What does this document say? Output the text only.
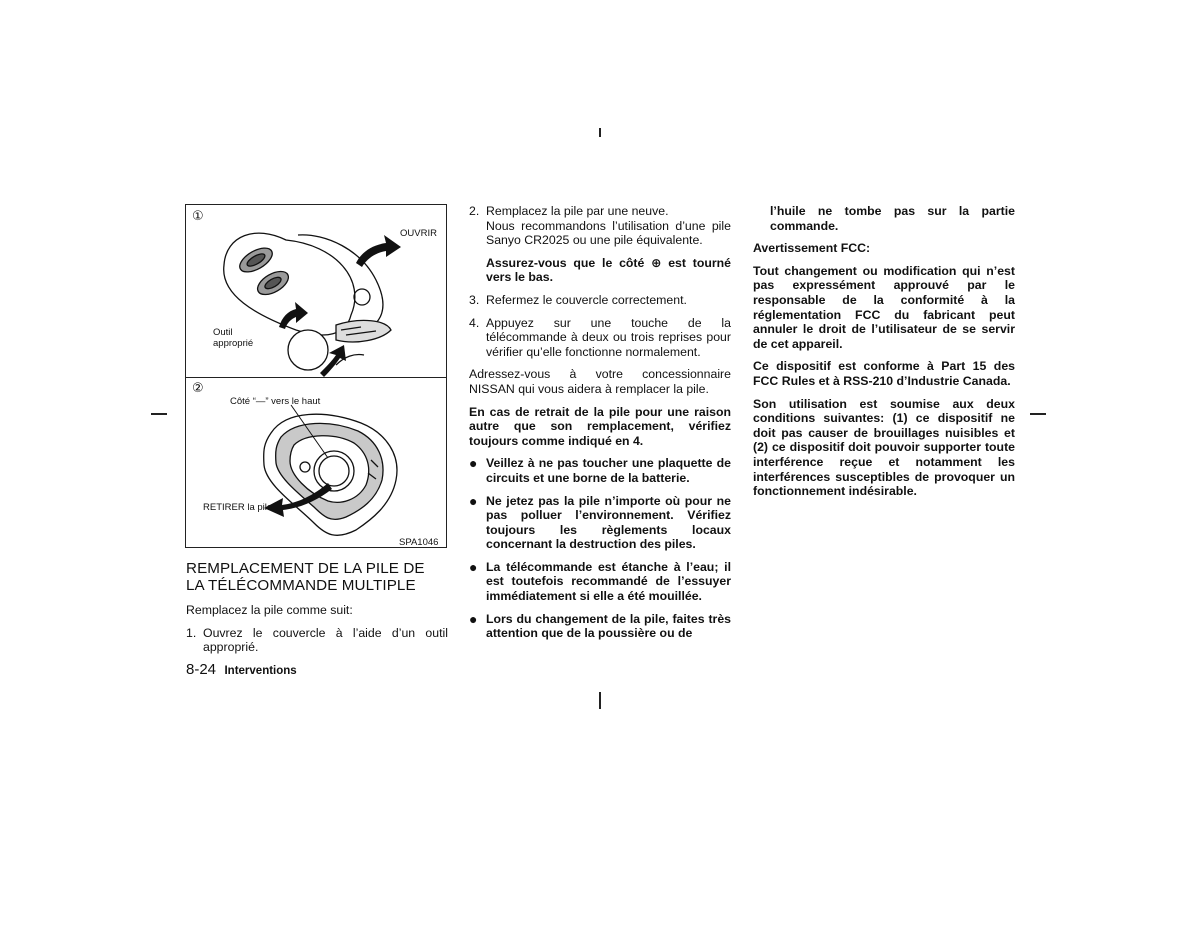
①
OUVRIR
Outil
approprié
②
Côté “—” vers le haut
RETIRER la pile
SPA1046
REMPLACEMENT DE LA PILE DE
LA TÉLÉCOMMANDE MULTIPLE

Remplacez la pile comme suit:

1. Ouvrez le couvercle à l’aide d’un outil approprié.
8-24 Interventions
2. Remplacez la pile par une neuve.

Nous recommandons l’utilisation d’une pile Sanyo CR2025 ou une pile équivalente.

Assurez-vous que le côté ⊕ est tourné vers le bas.

3. Refermez le couvercle correctement.
4. Appuyez sur une touche de la télécommande à deux ou trois reprises pour vérifier qu’elle fonctionne normalement.

Adressez-vous à votre concessionnaire NISSAN qui vous aidera à remplacer la pile.

En cas de retrait de la pile pour une raison autre que son remplacement, vérifiez toujours comme indiqué en 4.

● Veillez à ne pas toucher une plaquette de circuits et une borne de la batterie.
● Ne jetez pas la pile n’importe où pour ne pas polluer l’environnement. Vérifiez toujours les règlements locaux concernant la destruction des piles.
● La télécommande est étanche à l’eau; il est toutefois recommandé de l’essuyer immédiatement si elle a été mouillée.
● Lors du changement de la pile, faites très attention que de la poussière ou de

l’huile ne tombe pas sur la partie commande.

Avertissement FCC:

Tout changement ou modification qui n’est pas expressément approuvé par le responsable de la conformité à la réglementation FCC du fabricant peut annuler le droit de l’utilisateur de se servir de cet appareil.

Ce dispositif est conforme à Part 15 des FCC Rules et à RSS-210 d’Industrie Canada.

Son utilisation est soumise aux deux conditions suivantes: (1) ce dispositif ne doit pas causer de brouillages nuisibles et (2) ce dispositif doit pouvoir supporter toute interférence reçue et notamment les interférences susceptibles de provoquer un fonctionnement indésirable.
